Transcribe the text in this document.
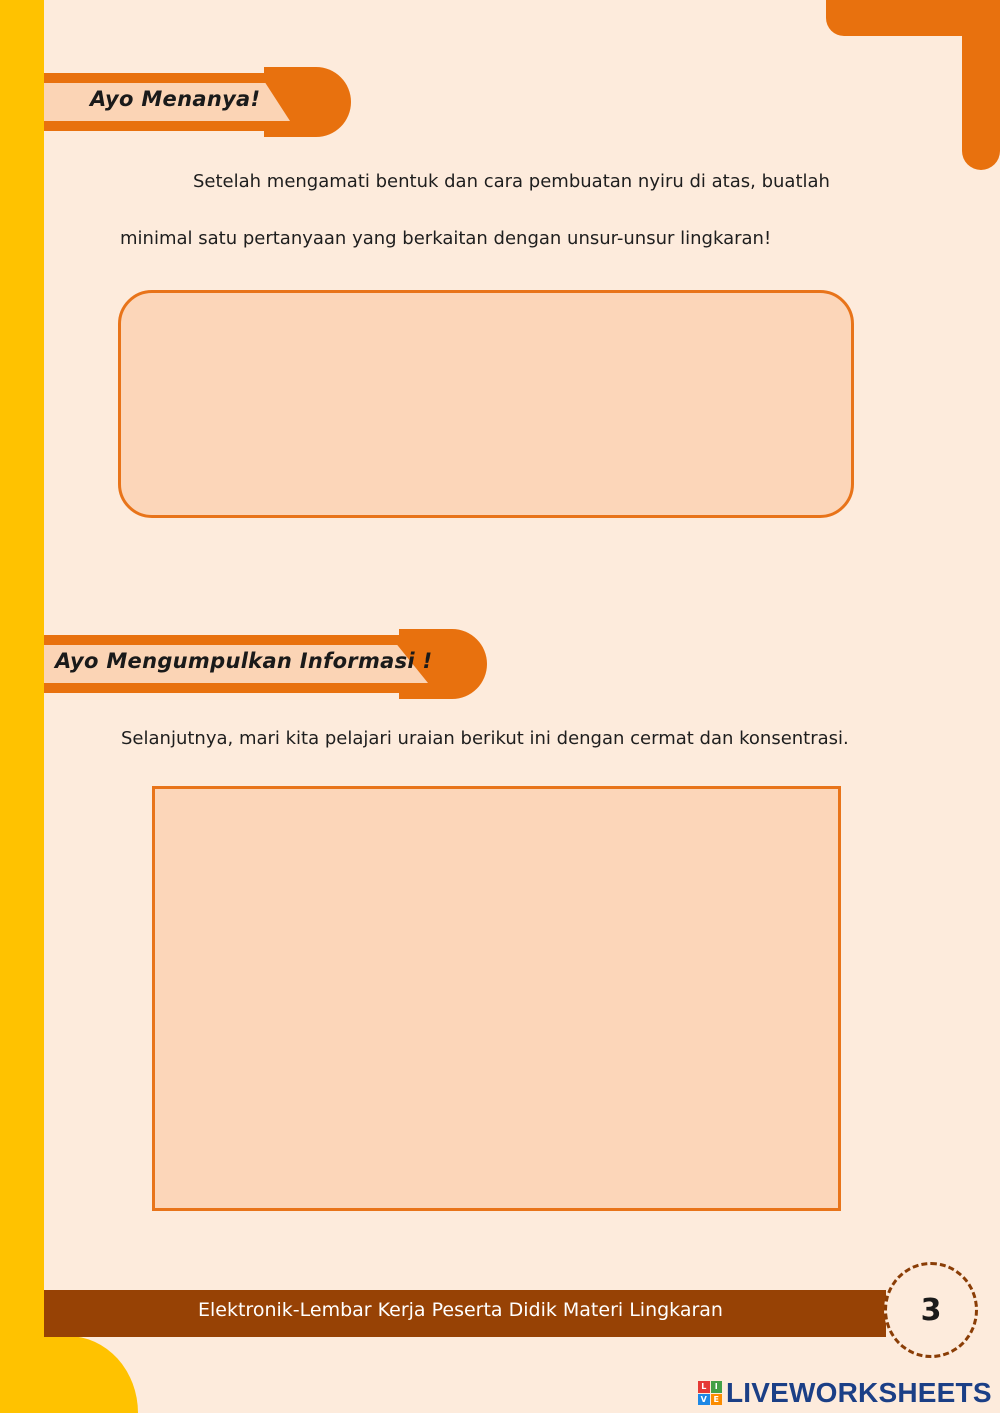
Ayo Menanya!
Setelah mengamati bentuk dan cara pembuatan nyiru di atas, buatlah
minimal satu pertanyaan yang berkaitan dengan unsur-unsur lingkaran!
Ayo Mengumpulkan Informasi !
Selanjutnya, mari kita pelajari uraian berikut ini dengan cermat dan konsentrasi.
Elektronik-Lembar Kerja Peserta Didik Materi Lingkaran	3
L	I
V E LIVEWORKSHEETS
